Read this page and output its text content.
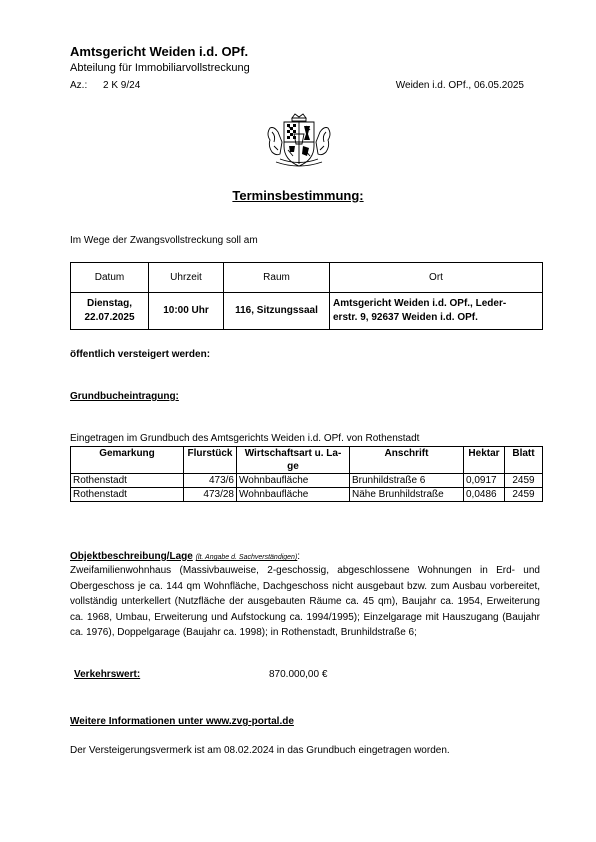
Amtsgericht Weiden i.d. OPf.
Abteilung für Immobiliarvollstreckung
Az.: 2 K 9/24	Weiden i.d. OPf., 06.05.2025
Terminsbestimmung:
Im Wege der Zwangsvollstreckung soll am
Datum	Uhrzeit	Raum	Ort
Dienstag,
22.07.2025	10:00 Uhr	116, Sitzungssaal	Amtsgericht Weiden i.d. OPf., Leder-
erstr. 9, 92637 Weiden i.d. OPf.
öffentlich versteigert werden:
Grundbucheintragung:
Eingetragen im Grundbuch des Amtsgerichts Weiden i.d. OPf. von Rothenstadt
Gemarkung	Flurstück	Wirtschaftsart u. La-
ge	Anschrift	Hektar	Blatt
Rothenstadt	473/6	Wohnbaufläche	Brunhildstraße 6	0,0917	2459
Rothenstadt	473/28	Wohnbaufläche	Nähe Brunhildstraße	0,0486	2459
Objektbeschreibung/Lage (lt. Angabe d. Sachverständigen):
Zweifamilienwohnhaus (Massivbauweise, 2-geschossig, abgeschlossene Wohnungen in Erd- und Obergeschoss je ca. 144 qm Wohnfläche, Dachgeschoss nicht ausgebaut bzw. zum Ausbau vorbereitet, vollständig unterkellert (Nutzfläche der ausgebauten Räume ca. 45 qm), Baujahr ca. 1954, Erweiterung ca. 1968, Umbau, Erweiterung und Aufstockung ca. 1994/1995); Einzelgarage mit Hauszugang (Baujahr ca. 1976), Doppelgarage (Baujahr ca. 1998); in Rothenstadt, Brunhildstraße 6;
Verkehrswert:	870.000,00 €
Weitere Informationen unter www.zvg-portal.de
Der Versteigerungsvermerk ist am 08.02.2024 in das Grundbuch eingetragen worden.
